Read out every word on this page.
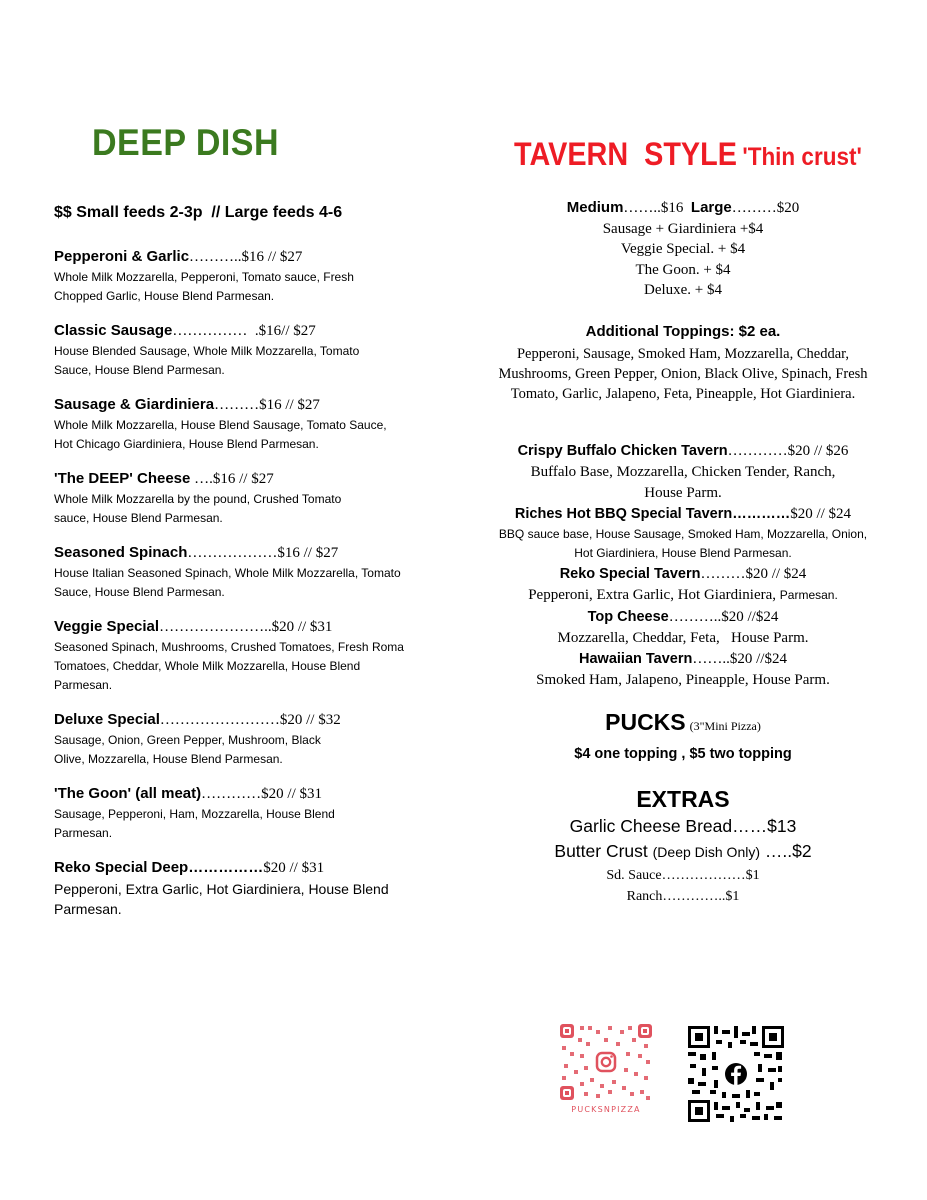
DEEP DISH	TAVERN  STYLE 'Thin crust'
$$ Small feeds 2-3p  // Large feeds 4-6
Pepperoni & Garlic………..$16 // $27
Whole Milk Mozzarella, Pepperoni, Tomato sauce, Fresh Chopped Garlic, House Blend Parmesan.
Classic Sausage……………  .$16// $27
House Blended Sausage, Whole Milk Mozzarella, Tomato Sauce, House Blend Parmesan.
Sausage & Giardiniera………$16 // $27
Whole Milk Mozzarella, House Blend Sausage, Tomato Sauce, Hot Chicago Giardiniera, House Blend Parmesan.
'The DEEP' Cheese ….$16 // $27
Whole Milk Mozzarella by the pound, Crushed Tomato sauce, House Blend Parmesan.
Seasoned Spinach………………$16 // $27
House Italian Seasoned Spinach, Whole Milk Mozzarella, Tomato Sauce, House Blend Parmesan.
Veggie Special…………………..$20 // $31
Seasoned Spinach, Mushrooms, Crushed Tomatoes, Fresh Roma Tomatoes, Cheddar, Whole Milk Mozzarella, House Blend Parmesan.
Deluxe Special……………………$20 // $32
Sausage, Onion, Green Pepper, Mushroom, Black Olive, Mozzarella, House Blend Parmesan.
'The Goon' (all meat)…………$20 // $31
Sausage, Pepperoni, Ham, Mozzarella, House Blend Parmesan.
Reko Special Deep……………$20 // $31
Pepperoni, Extra Garlic, Hot Giardiniera, House Blend Parmesan.
Medium……..$16 Large………$20
Sausage + Giardiniera +$4
Veggie Special. + $4
The Goon. + $4
Deluxe. + $4
Additional Toppings: $2 ea.
Pepperoni, Sausage, Smoked Ham, Mozzarella, Cheddar, Mushrooms, Green Pepper, Onion, Black Olive, Spinach, Fresh Tomato, Garlic, Jalapeno, Feta, Pineapple, Hot Giardiniera.
Crispy Buffalo Chicken Tavern…………$20 // $26
Buffalo Base, Mozzarella, Chicken Tender, Ranch, House Parm.
Riches Hot BBQ Special Tavern…………$20 // $24
BBQ sauce base, House Sausage, Smoked Ham, Mozzarella, Onion, Hot Giardiniera, House Blend Parmesan.
Reko Special Tavern………$20 // $24
Pepperoni, Extra Garlic, Hot Giardiniera, Parmesan.
Top Cheese………..$20 //$24
Mozzarella, Cheddar, Feta,   House Parm.
Hawaiian Tavern……..$20 //$24
Smoked Ham, Jalapeno, Pineapple, House Parm.
PUCKS (3"Mini Pizza)
$4 one topping , $5 two topping
EXTRAS
Garlic Cheese Bread……$13
Butter Crust (Deep Dish Only) …..$2
Sd. Sauce………………$1
Ranch…………..$1
PUCKSNPIZZA
